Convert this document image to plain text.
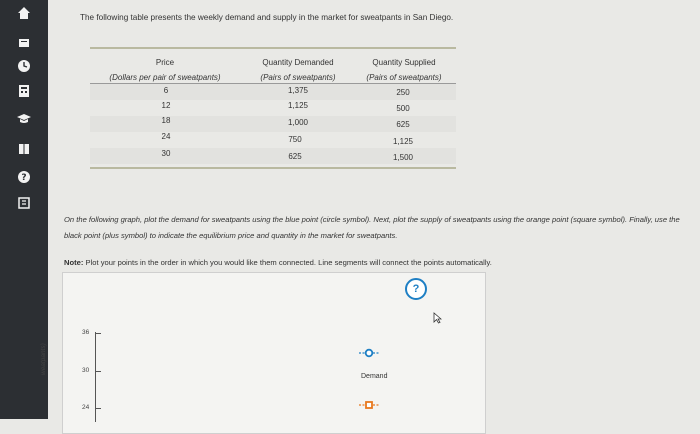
?
The following table presents the weekly demand and supply in the market for sweatpants in San Diego.
Price
(Dollars per pair of sweatpants)
Quantity Demanded
(Pairs of sweatpants)
Quantity Supplied
(Pairs of sweatpants)
6	1,375	250
12	1,125	500
18	1,000	625
24	750	1,125
30	625	1,500
On the following graph, plot the demand for sweatpants using the blue point (circle symbol). Next, plot the supply of sweatpants using the orange point (square symbol). Finally, use the black point (plus symbol) to indicate the equilibrium price and quantity in the market for sweatpants.
Note: Plot your points in the order in which you would like them connected. Line segments will connect the points automatically.
?
weatpants)
36
30
24
Demand
